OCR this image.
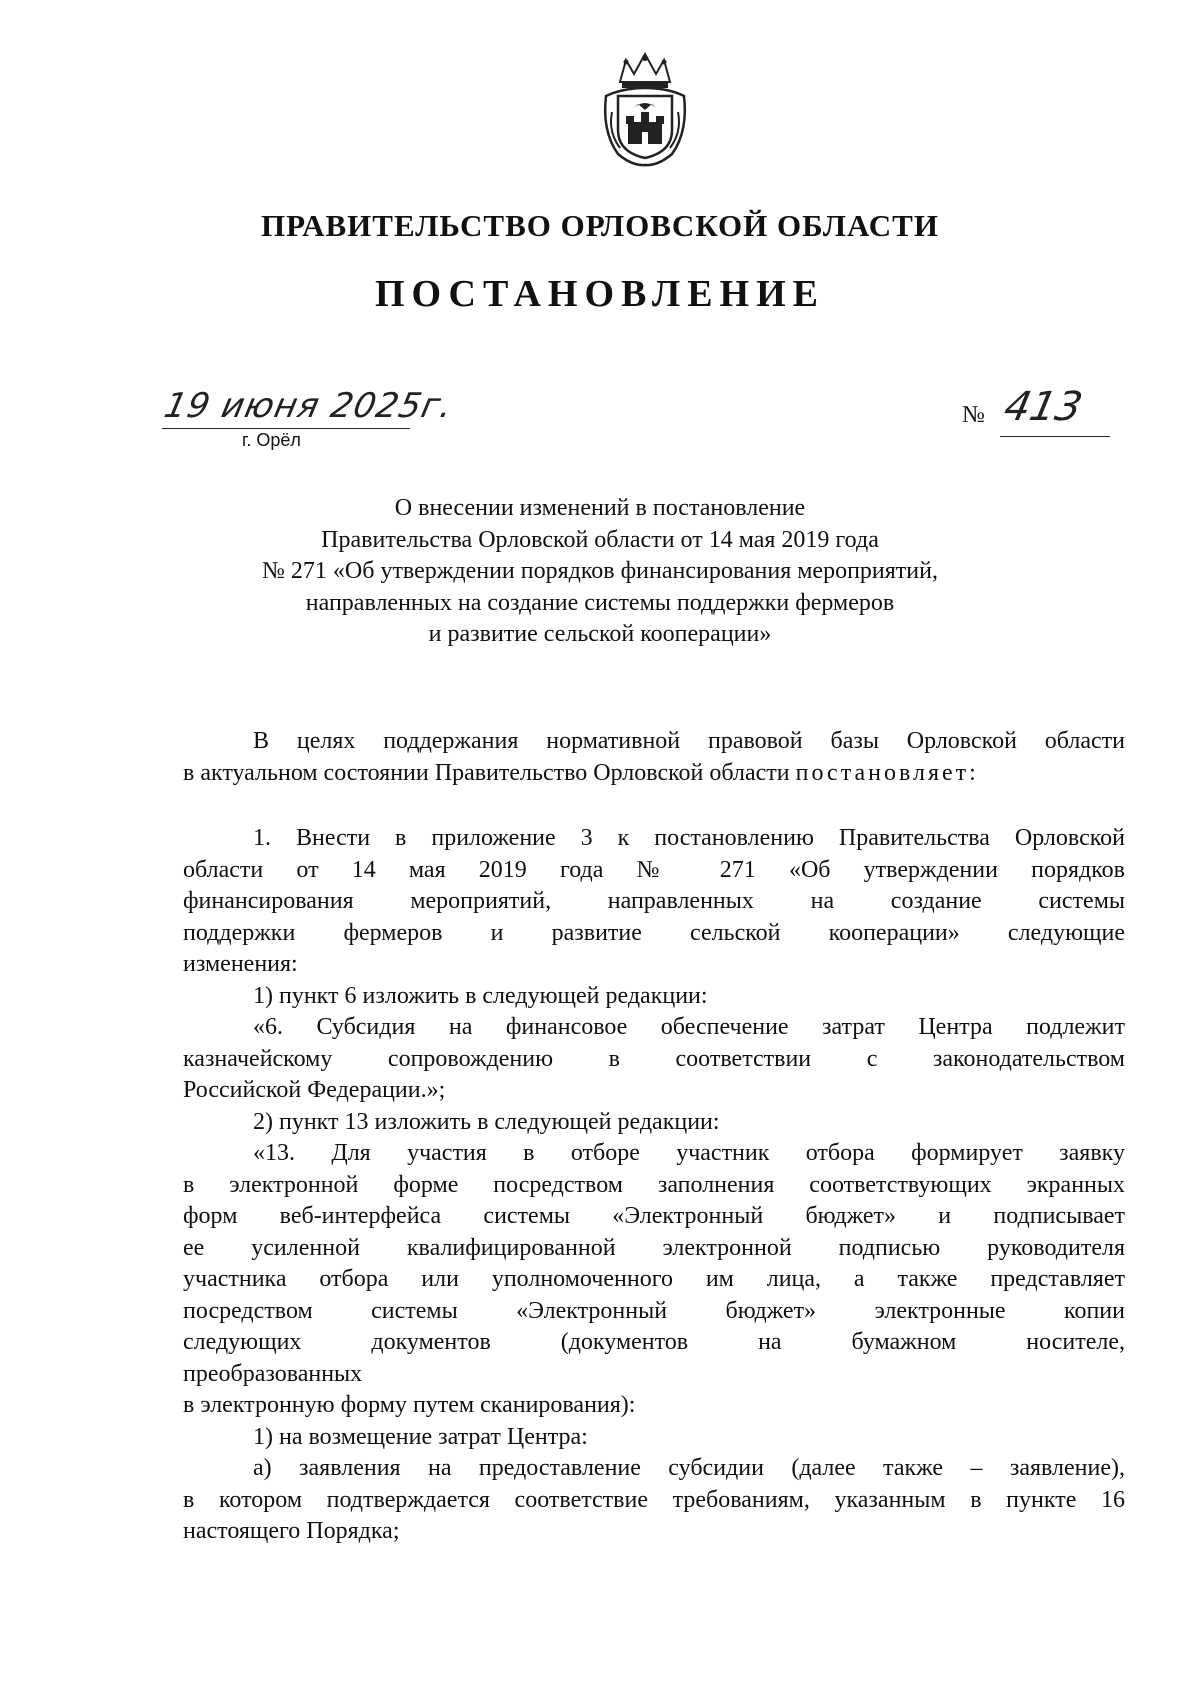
ПРАВИТЕЛЬСТВО ОРЛОВСКОЙ ОБЛАСТИ
ПОСТАНОВЛЕНИЕ
19 июня 2025г.
г. Орёл
№ 413
О внесении изменений в постановление
Правительства Орловской области от 14 мая 2019 года
№ 271 «Об утверждении порядков финансирования мероприятий,
направленных на создание системы поддержки фермеров
и развитие сельской кооперации»
В целях поддержания нормативной правовой базы Орловской области
в актуальном состоянии Правительство Орловской области постановляет:
1. Внести в приложение 3 к постановлению Правительства Орловской
области от 14 мая 2019 года № 271 «Об утверждении порядков
финансирования мероприятий, направленных на создание системы
поддержки фермеров и развитие сельской кооперации» следующие
изменения:
1) пункт 6 изложить в следующей редакции:
«6. Субсидия на финансовое обеспечение затрат Центра подлежит
казначейскому сопровождению в соответствии с законодательством
Российской Федерации.»;
2) пункт 13 изложить в следующей редакции:
«13. Для участия в отборе участник отбора формирует заявку
в электронной форме посредством заполнения соответствующих экранных
форм веб-интерфейса системы «Электронный бюджет» и подписывает
ее усиленной квалифицированной электронной подписью руководителя
участника отбора или уполномоченного им лица, а также представляет
посредством системы «Электронный бюджет» электронные копии
следующих документов (документов на бумажном носителе,
преобразованных
в электронную форму путем сканирования):
1) на возмещение затрат Центра:
а) заявления на предоставление субсидии (далее также – заявление),
в котором подтверждается соответствие требованиям, указанным в пункте 16
настоящего Порядка;
